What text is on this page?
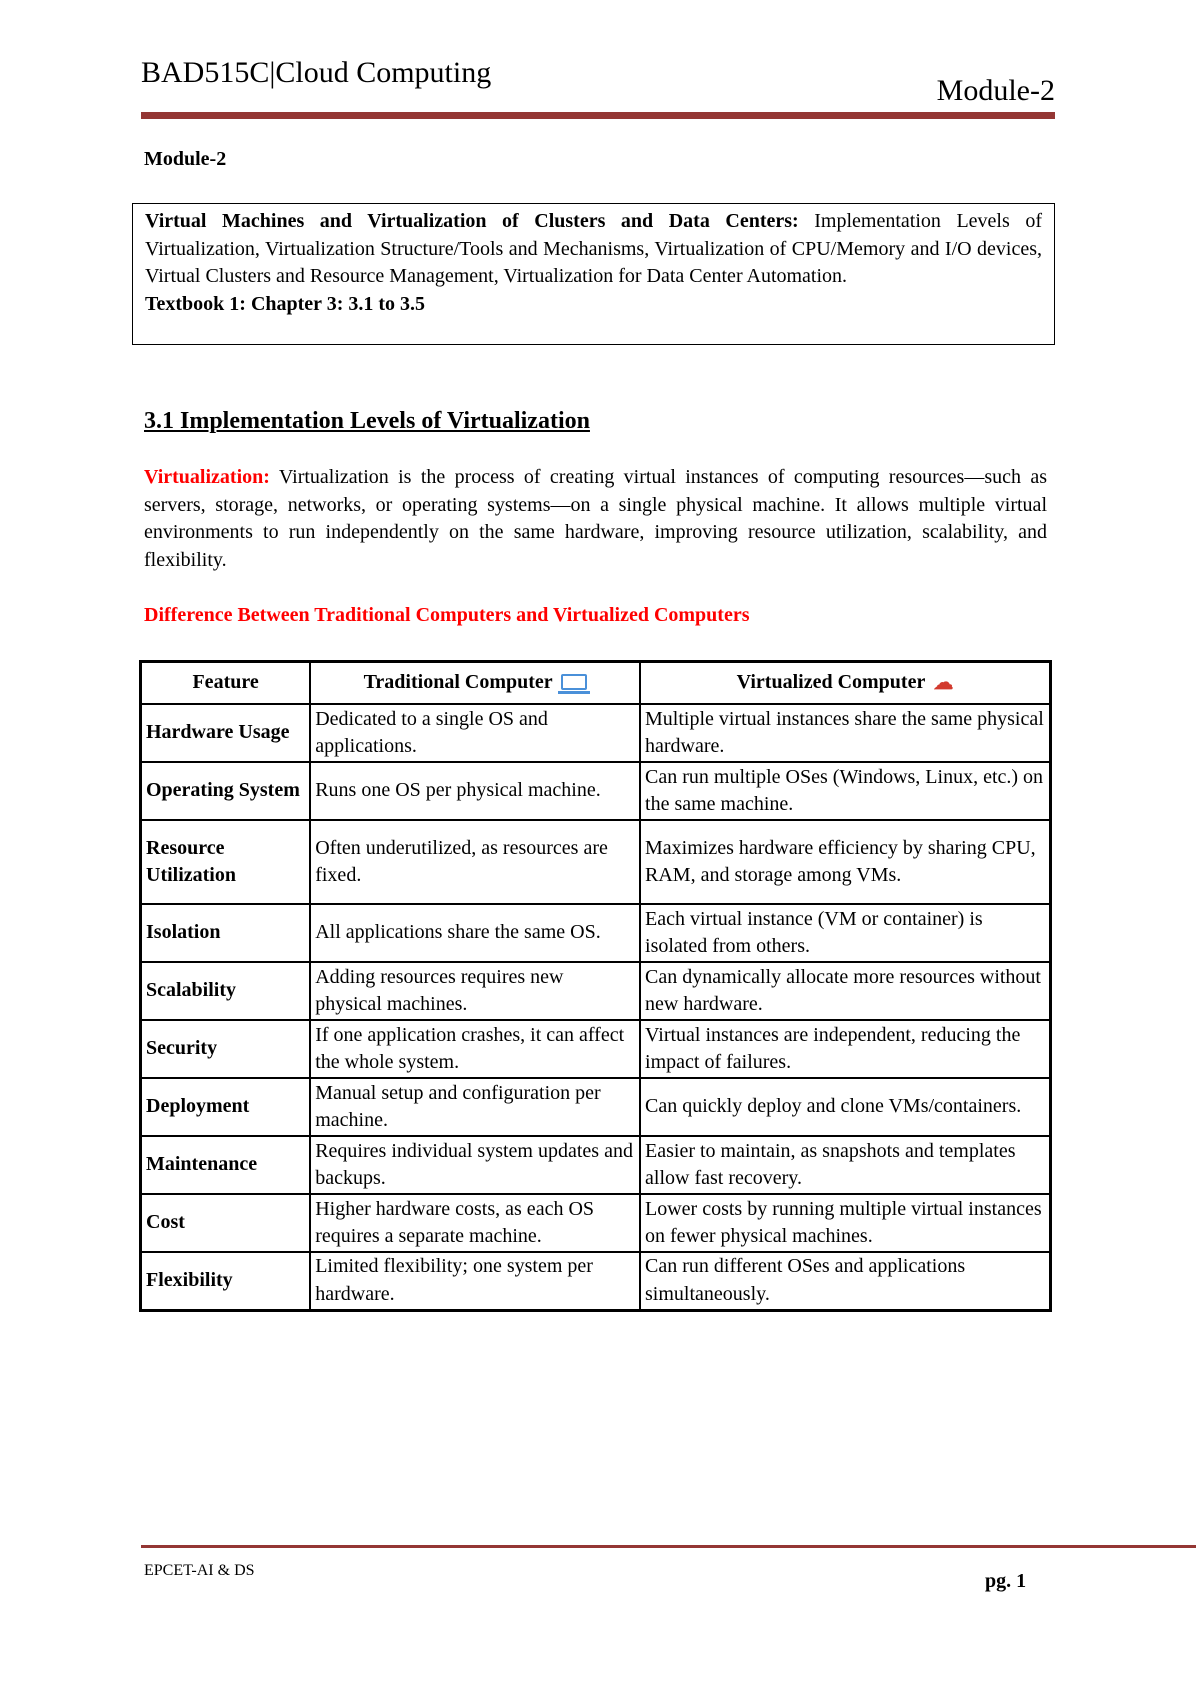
BAD515C|Cloud Computing
Module-2
Module-2
Virtual Machines and Virtualization of Clusters and Data Centers: Implementation Levels of Virtualization, Virtualization Structure/Tools and Mechanisms, Virtualization of CPU/Memory and I/O devices, Virtual Clusters and Resource Management, Virtualization for Data Center Automation.
Textbook 1: Chapter 3: 3.1 to 3.5
3.1 Implementation Levels of Virtualization
Virtualization: Virtualization is the process of creating virtual instances of computing resources—such as servers, storage, networks, or operating systems—on a single physical machine. It allows multiple virtual environments to run independently on the same hardware, improving resource utilization, scalability, and flexibility.
Difference Between Traditional Computers and Virtualized Computers
Feature	Traditional Computer	Virtualized Computer ☁
Hardware Usage	Dedicated to a single OS and applications.	Multiple virtual instances share the same physical hardware.
Operating System	Runs one OS per physical machine.	Can run multiple OSes (Windows, Linux, etc.) on the same machine.
Resource Utilization	Often underutilized, as resources are fixed.	Maximizes hardware efficiency by sharing CPU, RAM, and storage among VMs.
Isolation	All applications share the same OS.	Each virtual instance (VM or container) is isolated from others.
Scalability	Adding resources requires new physical machines.	Can dynamically allocate more resources without new hardware.
Security	If one application crashes, it can affect the whole system.	Virtual instances are independent, reducing the impact of failures.
Deployment	Manual setup and configuration per machine.	Can quickly deploy and clone VMs/containers.
Maintenance	Requires individual system updates and backups.	Easier to maintain, as snapshots and templates allow fast recovery.
Cost	Higher hardware costs, as each OS requires a separate machine.	Lower costs by running multiple virtual instances on fewer physical machines.
Flexibility	Limited flexibility; one system per hardware.	Can run different OSes and applications simultaneously.
EPCET-AI & DS	pg. 1
